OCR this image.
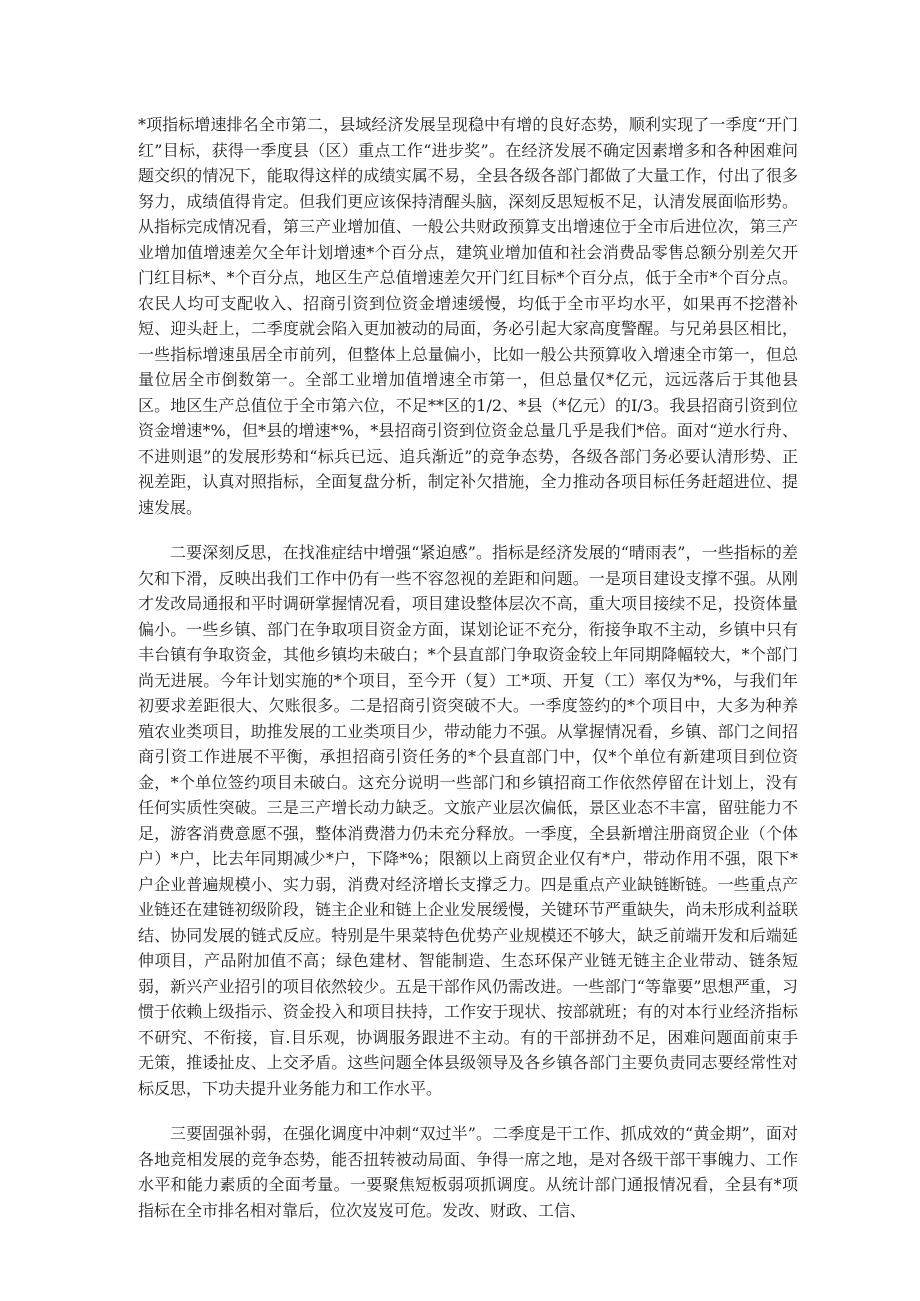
*项指标增速排名全市第二，县域经济发展呈现稳中有增的良好态势，顺利实现了一季度“开门红”目标，获得一季度县（区）重点工作“进步奖”。在经济发展不确定因素增多和各种困难问题交织的情况下，能取得这样的成绩实属不易，全县各级各部门都做了大量工作，付出了很多努力，成绩值得肯定。但我们更应该保持清醒头脑，深刻反思短板不足，认清发展面临形势。从指标完成情况看，第三产业增加值、一般公共财政预算支出增速位于全市后进位次，第三产业增加值增速差欠全年计划增速*个百分点，建筑业增加值和社会消费品零售总额分别差欠开门红目标*、*个百分点，地区生产总值增速差欠开门红目标*个百分点，低于全市*个百分点。农民人均可支配收入、招商引资到位资金增速缓慢，均低于全市平均水平，如果再不挖潜补短、迎头赶上，二季度就会陷入更加被动的局面，务必引起大家高度警醒。与兄弟县区相比，一些指标增速虽居全市前列，但整体上总量偏小，比如一般公共预算收入增速全市第一，但总量位居全市倒数第一。全部工业增加值增速全市第一，但总量仅*亿元，远远落后于其他县区。地区生产总值位于全市第六位，不足**区的1/2、*县（*亿元）的I/3。我县招商引资到位资金增速*%，但*县的增速*%，*县招商引资到位资金总量几乎是我们*倍。面对“逆水行舟、不进则退”的发展形势和“标兵已远、追兵渐近”的竞争态势，各级各部门务必要认清形势、正视差距，认真对照指标，全面复盘分析，制定补欠措施，全力推动各项目标任务赶超进位、提速发展。

二要深刻反思，在找准症结中增强“紧迫感”。指标是经济发展的“晴雨表”，一些指标的差欠和下滑，反映出我们工作中仍有一些不容忽视的差距和问题。一是项目建设支撑不强。从刚才发改局通报和平时调研掌握情况看，项目建设整体层次不高，重大项目接续不足，投资体量偏小。一些乡镇、部门在争取项目资金方面，谋划论证不充分，衔接争取不主动，乡镇中只有丰台镇有争取资金，其他乡镇均未破白；*个县直部门争取资金较上年同期降幅较大，*个部门尚无进展。今年计划实施的*个项目，至今开（复）工*项、开复（工）率仅为*%，与我们年初要求差距很大、欠账很多。二是招商引资突破不大。一季度签约的*个项目中，大多为种养殖农业类项目，助推发展的工业类项目少，带动能力不强。从掌握情况看，乡镇、部门之间招商引资工作进展不平衡，承担招商引资任务的*个县直部门中，仅*个单位有新建项目到位资金，*个单位签约项目未破白。这充分说明一些部门和乡镇招商工作依然停留在计划上，没有任何实质性突破。三是三产增长动力缺乏。文旅产业层次偏低，景区业态不丰富，留驻能力不足，游客消费意愿不强，整体消费潜力仍未充分释放。一季度，全县新增注册商贸企业（个体户）*户，比去年同期减少*户，下降*%；限额以上商贸企业仅有*户，带动作用不强，限下*户企业普遍规模小、实力弱，消费对经济增长支撑乏力。四是重点产业缺链断链。一些重点产业链还在建链初级阶段，链主企业和链上企业发展缓慢，关键环节严重缺失，尚未形成利益联结、协同发展的链式反应。特别是牛果菜特色优势产业规模还不够大，缺乏前端开发和后端延伸项目，产品附加值不高；绿色建材、智能制造、生态环保产业链无链主企业带动、链条短弱，新兴产业招引的项目依然较少。五是干部作风仍需改进。一些部门“等靠要”思想严重，习惯于依赖上级指示、资金投入和项目扶持，工作安于现状、按部就班；有的对本行业经济指标不研究、不衔接，盲.目乐观，协调服务跟进不主动。有的干部拼劲不足，困难问题面前束手无策，推诿扯皮、上交矛盾。这些问题全体县级领导及各乡镇各部门主要负责同志要经常性对标反思，下功夫提升业务能力和工作水平。

三要固强补弱，在强化调度中冲刺“双过半”。二季度是干工作、抓成效的“黄金期”，面对各地竞相发展的竞争态势，能否扭转被动局面、争得一席之地，是对各级干部干事魄力、工作水平和能力素质的全面考量。一要聚焦短板弱项抓调度。从统计部门通报情况看，全县有*项指标在全市排名相对靠后，位次岌岌可危。发改、财政、工信、
